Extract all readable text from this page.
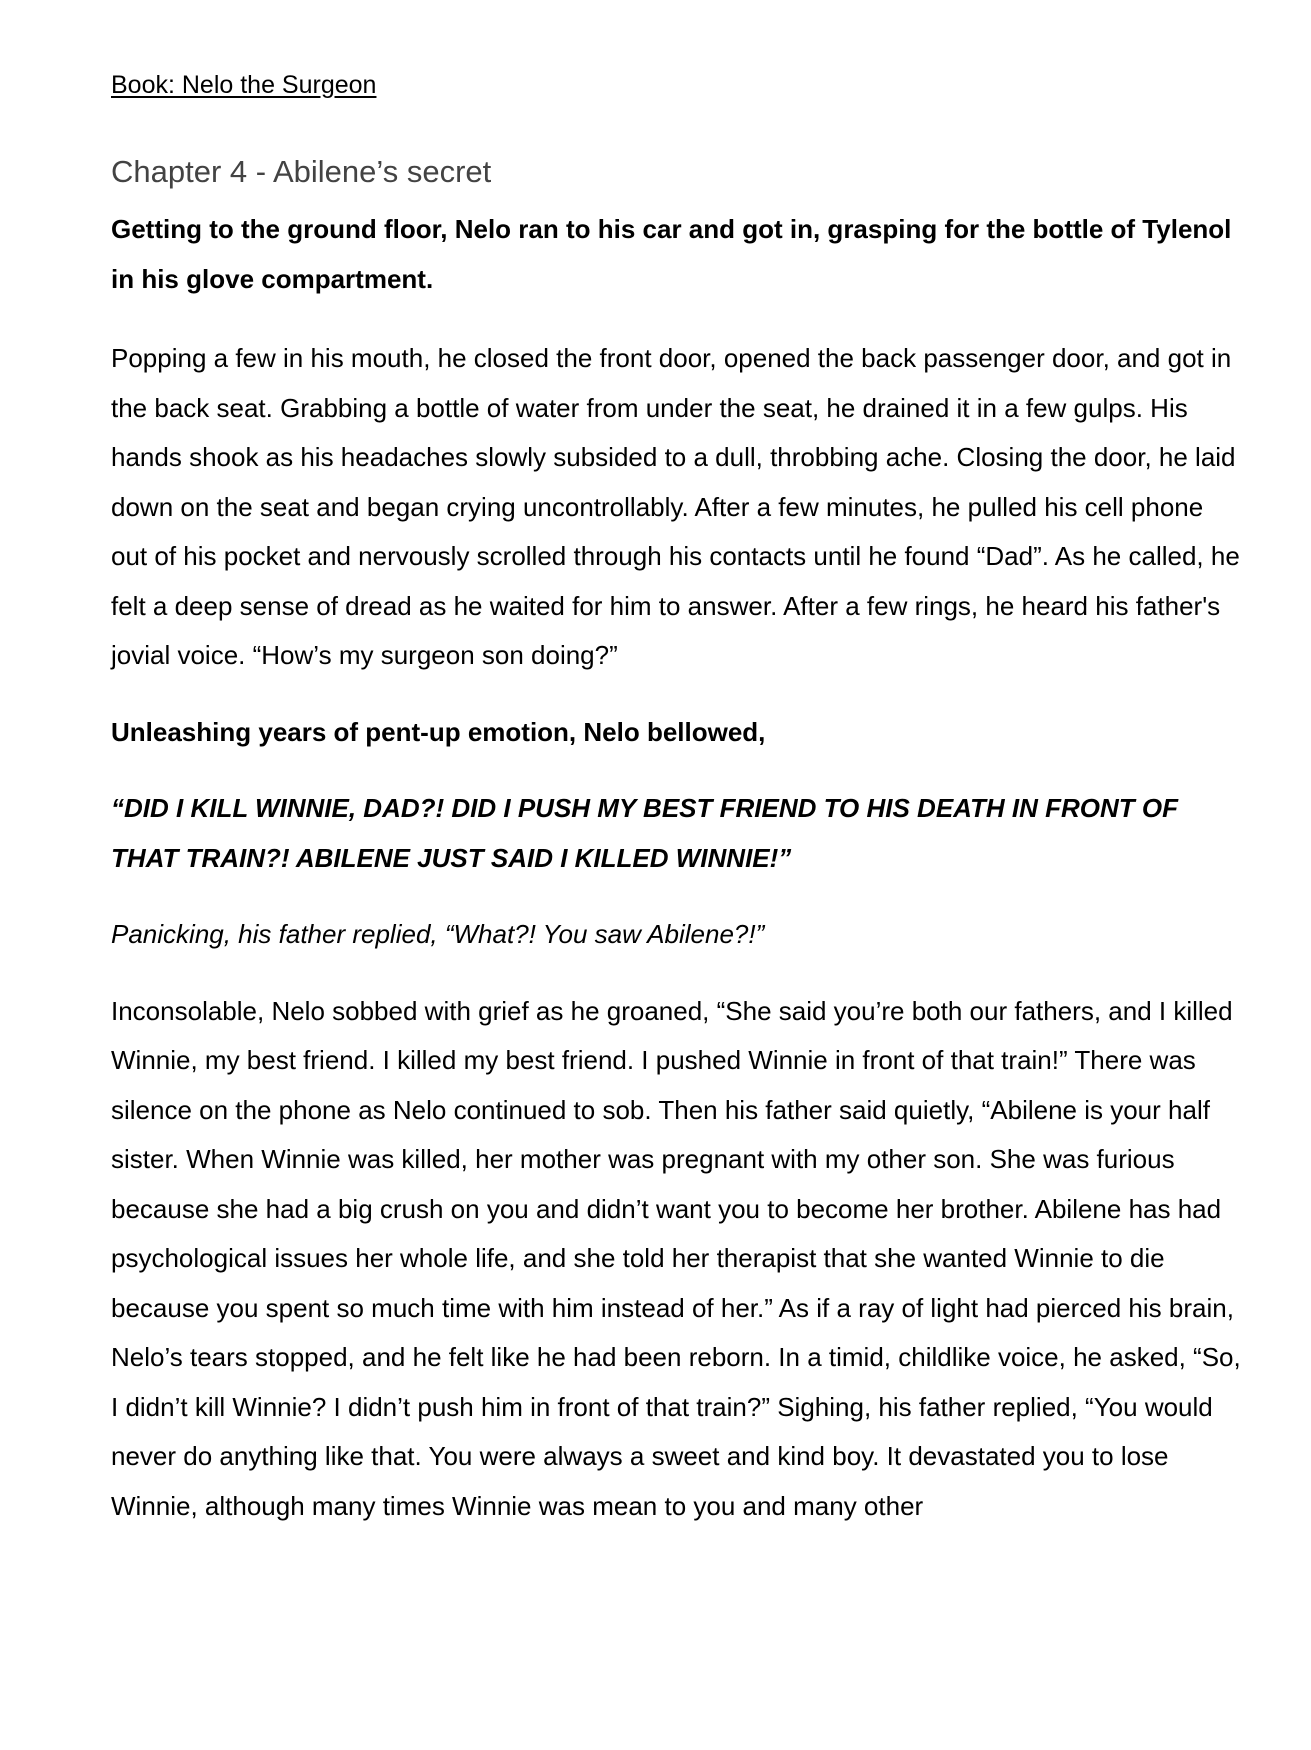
Book: Nelo the Surgeon
Chapter 4 - Abilene’s secret

Getting to the ground floor, Nelo ran to his car and got in, grasping for the bottle of Tylenol in his glove compartment.

Popping a few in his mouth, he closed the front door, opened the back passenger door, and got in the back seat. Grabbing a bottle of water from under the seat, he drained it in a few gulps. His hands shook as his headaches slowly subsided to a dull, throbbing ache. Closing the door, he laid down on the seat and began crying uncontrollably. After a few minutes, he pulled his cell phone out of his pocket and nervously scrolled through his contacts until he found “Dad”. As he called, he felt a deep sense of dread as he waited for him to answer. After a few rings, he heard his father's jovial voice. “How’s my surgeon son doing?”

Unleashing years of pent-up emotion, Nelo bellowed,

“DID I KILL WINNIE, DAD?! DID I PUSH MY BEST FRIEND TO HIS DEATH IN FRONT OF THAT TRAIN?! ABILENE JUST SAID I KILLED WINNIE!”

Panicking, his father replied, “What?! You saw Abilene?!”

Inconsolable, Nelo sobbed with grief as he groaned, “She said you’re both our fathers, and I killed Winnie, my best friend. I killed my best friend. I pushed Winnie in front of that train!” There was silence on the phone as Nelo continued to sob. Then his father said quietly, “Abilene is your half sister. When Winnie was killed, her mother was pregnant with my other son. She was furious because she had a big crush on you and didn’t want you to become her brother. Abilene has had psychological issues her whole life, and she told her therapist that she wanted Winnie to die because you spent so much time with him instead of her.” As if a ray of light had pierced his brain, Nelo’s tears stopped, and he felt like he had been reborn. In a timid, childlike voice, he asked, “So, I didn’t kill Winnie? I didn’t push him in front of that train?” Sighing, his father replied, “You would never do anything like that. You were always a sweet and kind boy. It devastated you to lose Winnie, although many times Winnie was mean to you and many other
